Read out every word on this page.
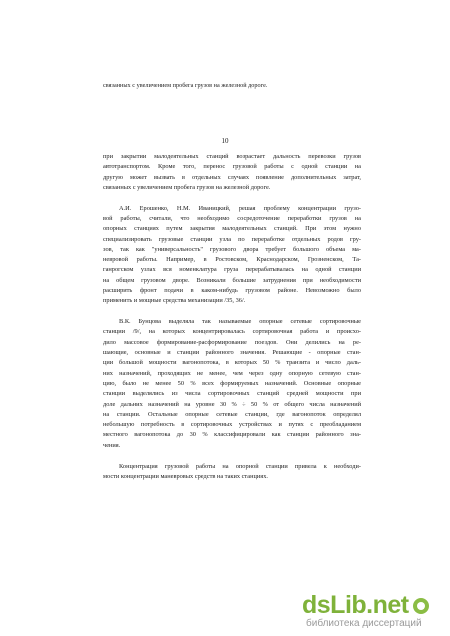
связанных с увеличением пробега грузов на железной дороге.
10
при закрытии малодеятельных станций возрастает дальность перевозки грузов
автотранспортом. Кроме того, перенос грузовой работы с одной станции на
другую может вызвать в отдельных случаях появление дополнительных затрат,
связанных с увеличением пробега грузов на железной дороге.
А.И. Ерошенко, Н.М. Иваницкий, решая проблему концентрации грузо-
вой работы, считали, что необходимо сосредоточение переработки грузов на
опорных станциях путем закрытия малодеятельных станций. При этом нужно
специализировать грузовые станции узла по переработке отдельных родов гру-
зов, так как "универсальность" грузового двора требует большого объема ма-
невровой работы. Например, в Ростовском, Краснодарском, Грозненском, Та-
ганрогском узлах вся номенклатура груза перерабатывалась на одной станции
на общем грузовом дворе. Возникали большие затруднения при необходимости
расширить фронт подачи в каком-нибудь грузовом районе. Невозможно было
применить и мощные средства механизации /35, 36/.
В.К. Бунцова выделяла так называемые опорные сетевые сортировочные
станции /9/, на которых концентрировалась сортировочная работа и происхо-
дило массовое формирование-расформирование поездов. Они делились на ре-
шающие, основные и станции районного значения. Решающие - опорные стан-
ции большой мощности вагонопотока, в которых 50 % транзита и число даль-
них назначений, проходящих не менее, чем через одну опорную сетевую стан-
цию, было не менее 50 % всех формируемых назначений. Основные опорные
станции выделялись из числа сортировочных станций средней мощности при
доле дальних назначений на уровне 30 % ÷ 50 % от общего числа назначений
на станции. Остальные опорные сетевые станции, где вагонопоток определял
небольшую потребность в сортировочных устройствах и путях с преобладанием
местного вагонопотока до 30 % классифицировали как станции районного зна-
чения.
Концентрация грузовой работы на опорной станции привела к необходи-
мости концентрации маневровых средств на таких станциях.
dsLib.net
библиотека диссертаций
